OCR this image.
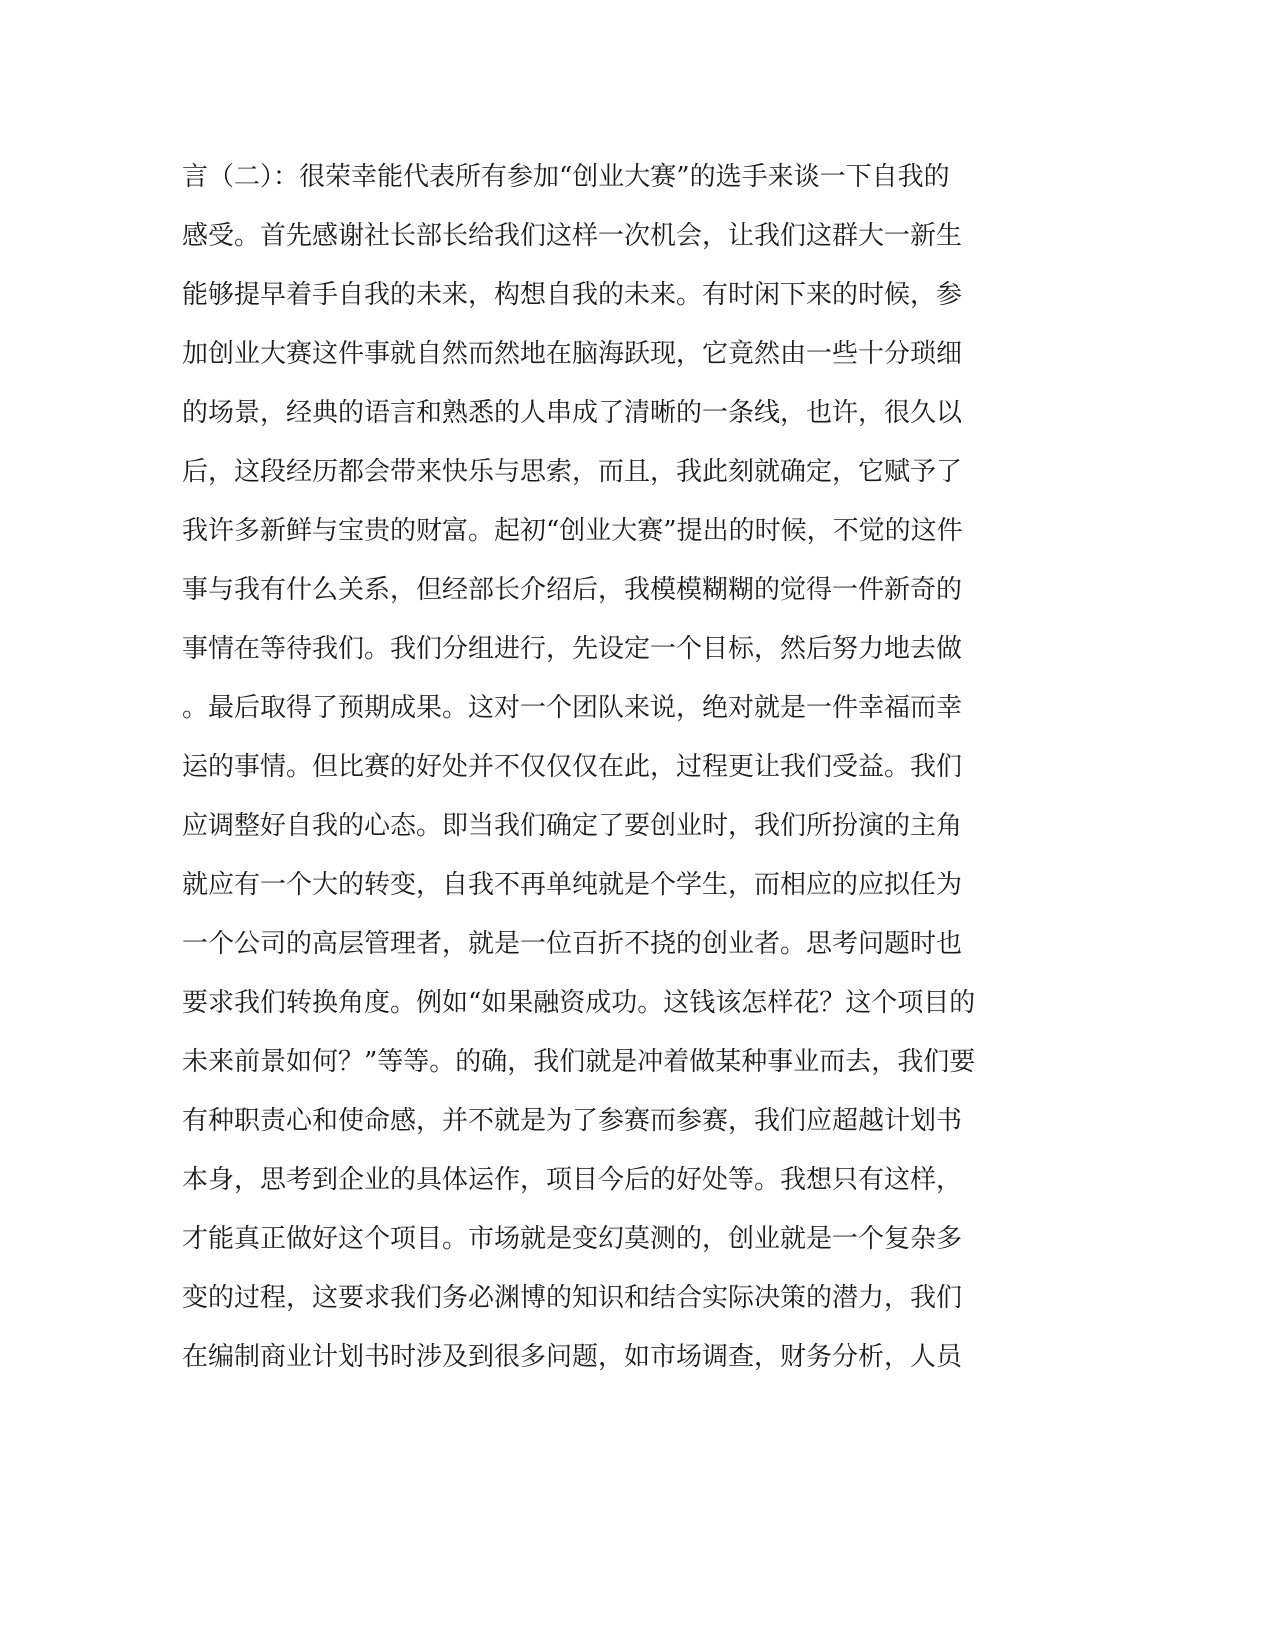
言（二）：很荣幸能代表所有参加“创业大赛”的选手来谈一下自我的
感受。首先感谢社长部长给我们这样一次机会，让我们这群大一新生
能够提早着手自我的未来，构想自我的未来。有时闲下来的时候，参
加创业大赛这件事就自然而然地在脑海跃现，它竟然由一些十分琐细
的场景，经典的语言和熟悉的人串成了清晰的一条线，也许，很久以
后，这段经历都会带来快乐与思索，而且，我此刻就确定，它赋予了
我许多新鲜与宝贵的财富。起初“创业大赛”提出的时候，不觉的这件
事与我有什么关系，但经部长介绍后，我模模糊糊的觉得一件新奇的
事情在等待我们。我们分组进行，先设定一个目标，然后努力地去做
。最后取得了预期成果。这对一个团队来说，绝对就是一件幸福而幸
运的事情。但比赛的好处并不仅仅仅在此，过程更让我们受益。我们
应调整好自我的心态。即当我们确定了要创业时，我们所扮演的主角
就应有一个大的转变，自我不再单纯就是个学生，而相应的应拟任为
一个公司的高层管理者，就是一位百折不挠的创业者。思考问题时也
要求我们转换角度。例如“如果融资成功。这钱该怎样花？这个项目的
未来前景如何？”等等。的确，我们就是冲着做某种事业而去，我们要
有种职责心和使命感，并不就是为了参赛而参赛，我们应超越计划书
本身，思考到企业的具体运作，项目今后的好处等。我想只有这样，
才能真正做好这个项目。市场就是变幻莫测的，创业就是一个复杂多
变的过程，这要求我们务必渊博的知识和结合实际决策的潜力，我们
在编制商业计划书时涉及到很多问题，如市场调查，财务分析，人员
